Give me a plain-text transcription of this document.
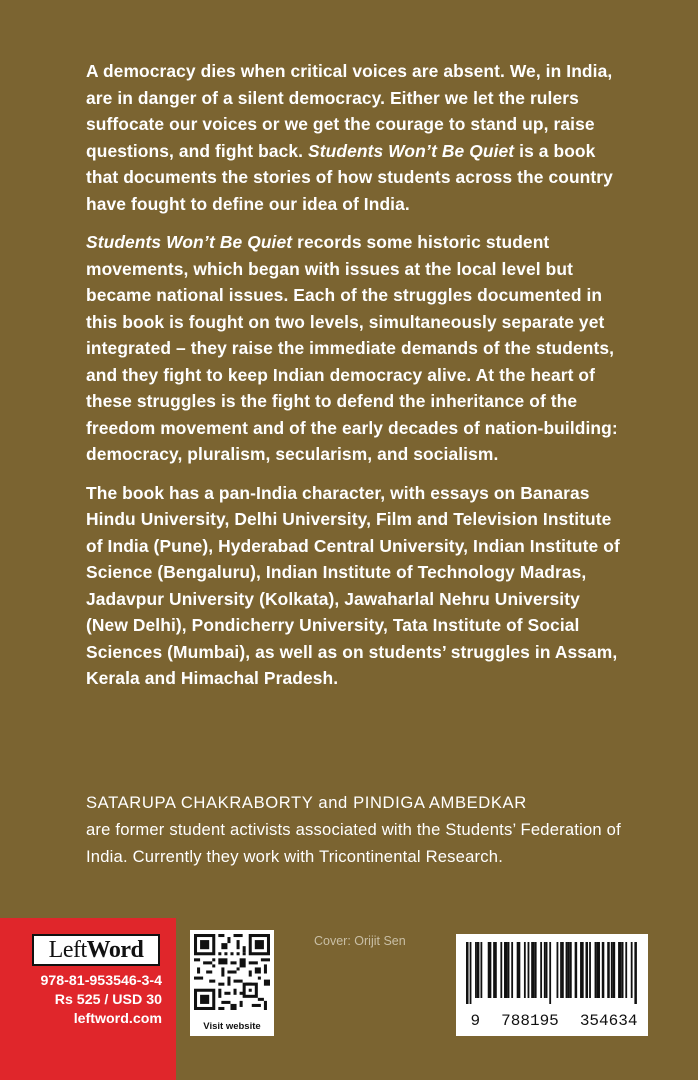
A democracy dies when critical voices are absent. We, in India, are in danger of a silent democracy. Either we let the rulers suffocate our voices or we get the courage to stand up, raise questions, and fight back. Students Won’t Be Quiet is a book that documents the stories of how students across the country have fought to define our idea of India.

Students Won’t Be Quiet records some historic student movements, which began with issues at the local level but became national issues. Each of the struggles documented in this book is fought on two levels, simultaneously separate yet integrated – they raise the immediate demands of the students, and they fight to keep Indian democracy alive. At the heart of these struggles is the fight to defend the inheritance of the freedom movement and of the early decades of nation-building: democracy, pluralism, secularism, and socialism.

The book has a pan-India character, with essays on Banaras Hindu University, Delhi University, Film and Television Institute of India (Pune), Hyderabad Central University, Indian Institute of Science (Bengaluru), Indian Institute of Technology Madras, Jadavpur University (Kolkata), Jawaharlal Nehru University (New Delhi), Pondicherry University, Tata Institute of Social Sciences (Mumbai), as well as on students’ struggles in Assam, Kerala and Himachal Pradesh.

SATARUPA CHAKRABORTY and PINDIGA AMBEDKAR
are former student activists associated with the Students’ Federation of India. Currently they work with Tricontinental Research.
Left Word
978-81-953546-3-4
Rs 525 / USD 30
leftword.com	Visit website
Cover: Orijit Sen
9 788195 354634
